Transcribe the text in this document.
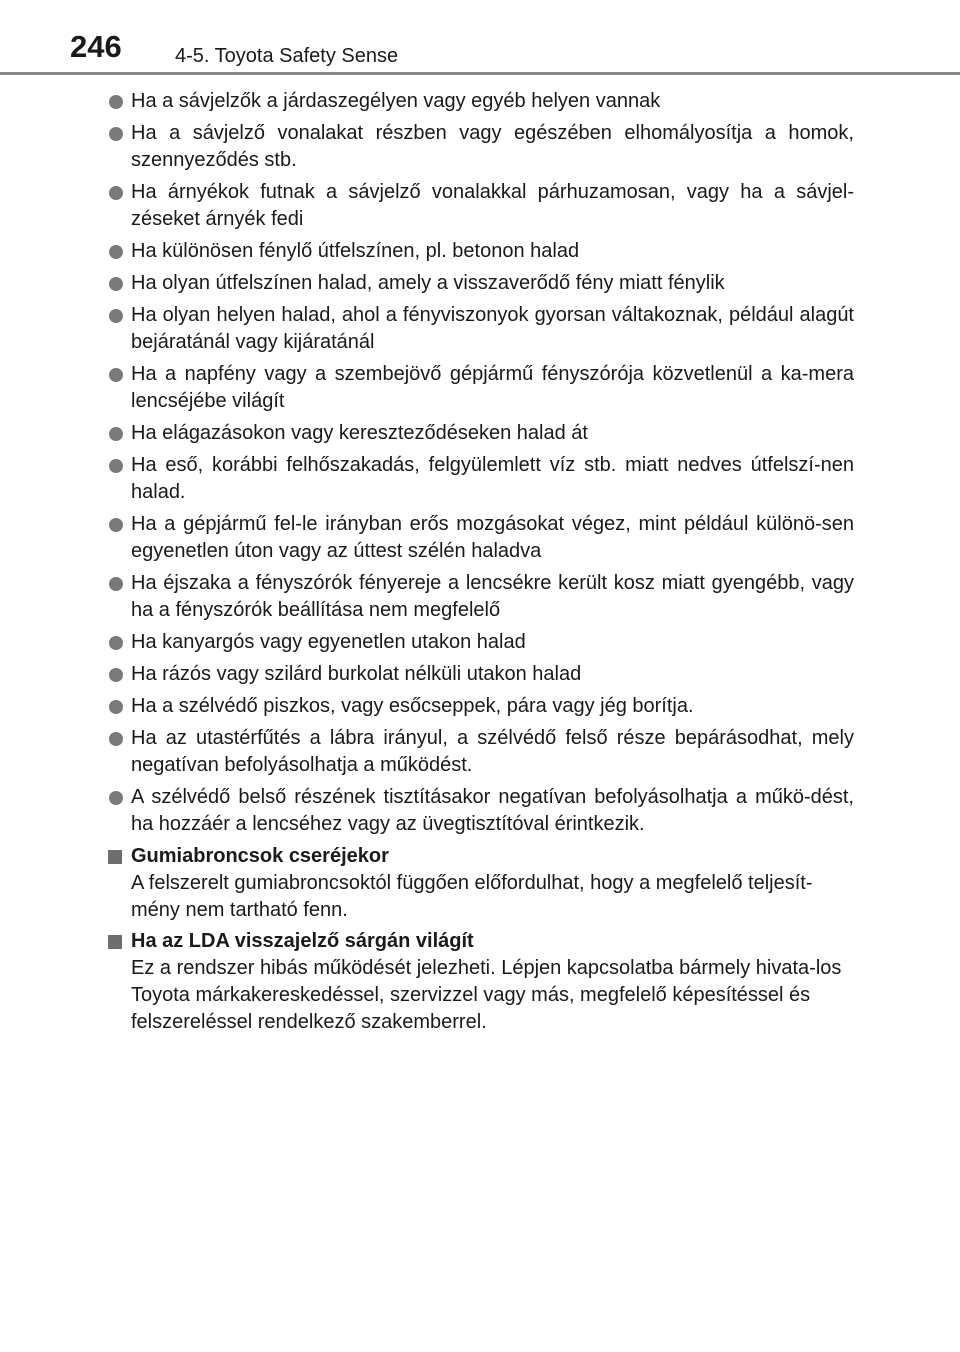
246	4-5. Toyota Safety Sense
Ha a sávjelzők a járdaszegélyen vagy egyéb helyen vannak
Ha a sávjelző vonalakat részben vagy egészében elhomályosítja a homok, szennyeződés stb.
Ha árnyékok futnak a sávjelző vonalakkal párhuzamosan, vagy ha a sávjel-zéseket árnyék fedi
Ha különösen fénylő útfelszínen, pl. betonon halad
Ha olyan útfelszínen halad, amely a visszaverődő fény miatt fénylik
Ha olyan helyen halad, ahol a fényviszonyok gyorsan váltakoznak, például alagút bejáratánál vagy kijáratánál
Ha a napfény vagy a szembejövő gépjármű fényszórója közvetlenül a ka-mera lencséjébe világít
Ha elágazásokon vagy kereszteződéseken halad át
Ha eső, korábbi felhőszakadás, felgyülemlett víz stb. miatt nedves útfelszí-nen halad.
Ha a gépjármű fel-le irányban erős mozgásokat végez, mint például különö-sen egyenetlen úton vagy az úttest szélén haladva
Ha éjszaka a fényszórók fényereje a lencsékre került kosz miatt gyengébb, vagy ha a fényszórók beállítása nem megfelelő
Ha kanyargós vagy egyenetlen utakon halad
Ha rázós vagy szilárd burkolat nélküli utakon halad
Ha a szélvédő piszkos, vagy esőcseppek, pára vagy jég borítja.
Ha az utastérfűtés a lábra irányul, a szélvédő felső része bepárásodhat, mely negatívan befolyásolhatja a működést.
A szélvédő belső részének tisztításakor negatívan befolyásolhatja a műkö-dést, ha hozzáér a lencséhez vagy az üvegtisztítóval érintkezik.
Gumiabroncsok cseréjekor
A felszerelt gumiabroncsoktól függően előfordulhat, hogy a megfelelő teljesít-mény nem tartható fenn.
Ha az LDA visszajelző sárgán világít
Ez a rendszer hibás működését jelezheti. Lépjen kapcsolatba bármely hivata-los Toyota márkakereskedéssel, szervizzel vagy más, megfelelő képesítéssel és felszereléssel rendelkező szakemberrel.
